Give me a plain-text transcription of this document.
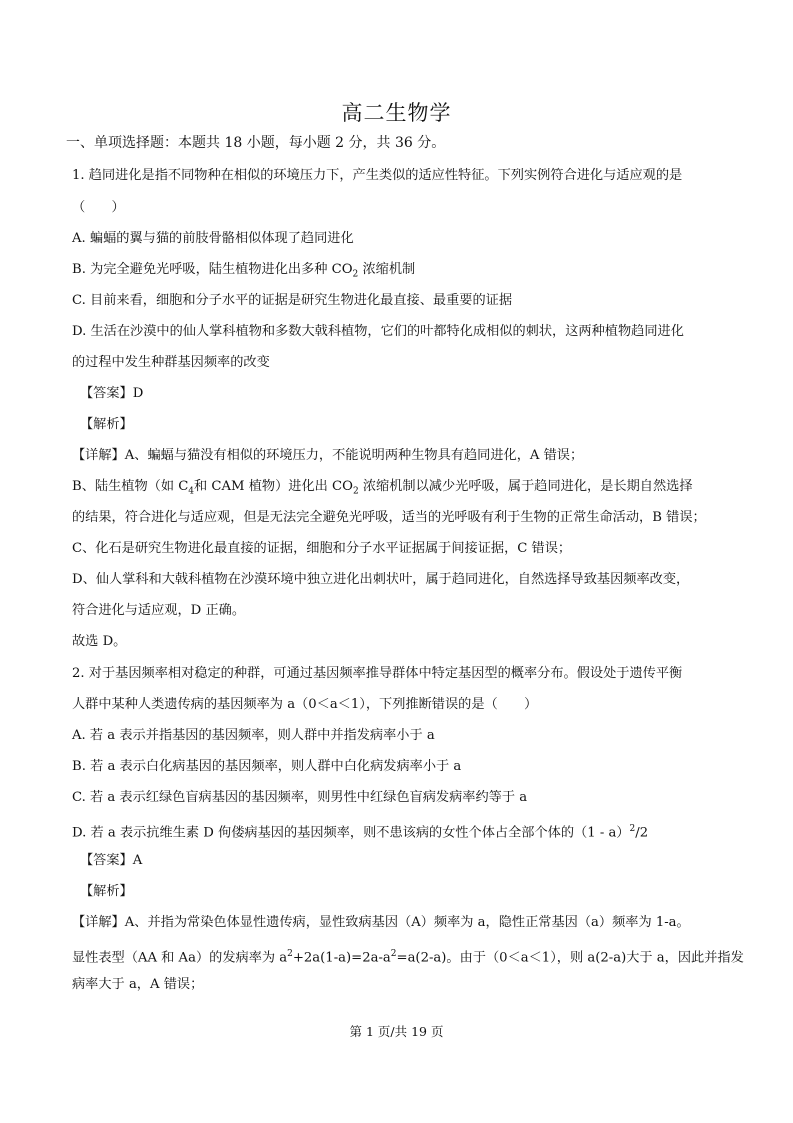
高二生物学
一、单项选择题：本题共 18 小题，每小题 2 分，共 36 分。
1. 趋同进化是指不同物种在相似的环境压力下，产生类似的适应性特征。下列实例符合进化与适应观的是
（　　）
A. 蝙蝠的翼与猫的前肢骨骼相似体现了趋同进化
B. 为完全避免光呼吸，陆生植物进化出多种 $CO_2$ 浓缩机制
C. 目前来看，细胞和分子水平的证据是研究生物进化最直接、最重要的证据
D. 生活在沙漠中的仙人掌科植物和多数大戟科植物，它们的叶都特化成相似的刺状，这两种植物趋同进化
的过程中发生种群基因频率的改变
【答案】D
【解析】
【详解】A、蝙蝠与猫没有相似的环境压力，不能说明两种生物具有趋同进化，A 错误；
B、陆生植物（如 $C_4$和 CAM 植物）进化出 $CO_2$ 浓缩机制以减少光呼吸，属于趋同进化，是长期自然选择
的结果，符合进化与适应观，但是无法完全避免光呼吸，适当的光呼吸有利于生物的正常生命活动，B 错误；
C、化石是研究生物进化最直接的证据，细胞和分子水平证据属于间接证据，C 错误；
D、仙人掌科和大戟科植物在沙漠环境中独立进化出刺状叶，属于趋同进化，自然选择导致基因频率改变，
符合进化与适应观，D 正确。
故选 D。
2. 对于基因频率相对稳定的种群，可通过基因频率推导群体中特定基因型的概率分布。假设处于遗传平衡
人群中某种人类遗传病的基因频率为 a（0＜a＜1），下列推断错误的是（　　）
A. 若 a 表示并指基因的基因频率，则人群中并指发病率小于 a
B. 若 a 表示白化病基因的基因频率，则人群中白化病发病率小于 a
C. 若 a 表示红绿色盲病基因的基因频率，则男性中红绿色盲病发病率约等于 a
D. 若 a 表示抗维生素 D 佝偻病基因的基因频率，则不患该病的女性个体占全部个体的（1 - a）$^2$/2
【答案】A
【解析】
【详解】A、并指为常染色体显性遗传病，显性致病基因（A）频率为 a，隐性正常基因（a）频率为 1-a。
显性表型（AA 和 Aa）的发病率为 $a^2+2a(1-a)=2a-a^2=a(2-a)$。由于（0＜a＜1），则 a(2-a)大于 a，因此并指发
病率大于 a，A 错误；
第 1 页/共 19 页
